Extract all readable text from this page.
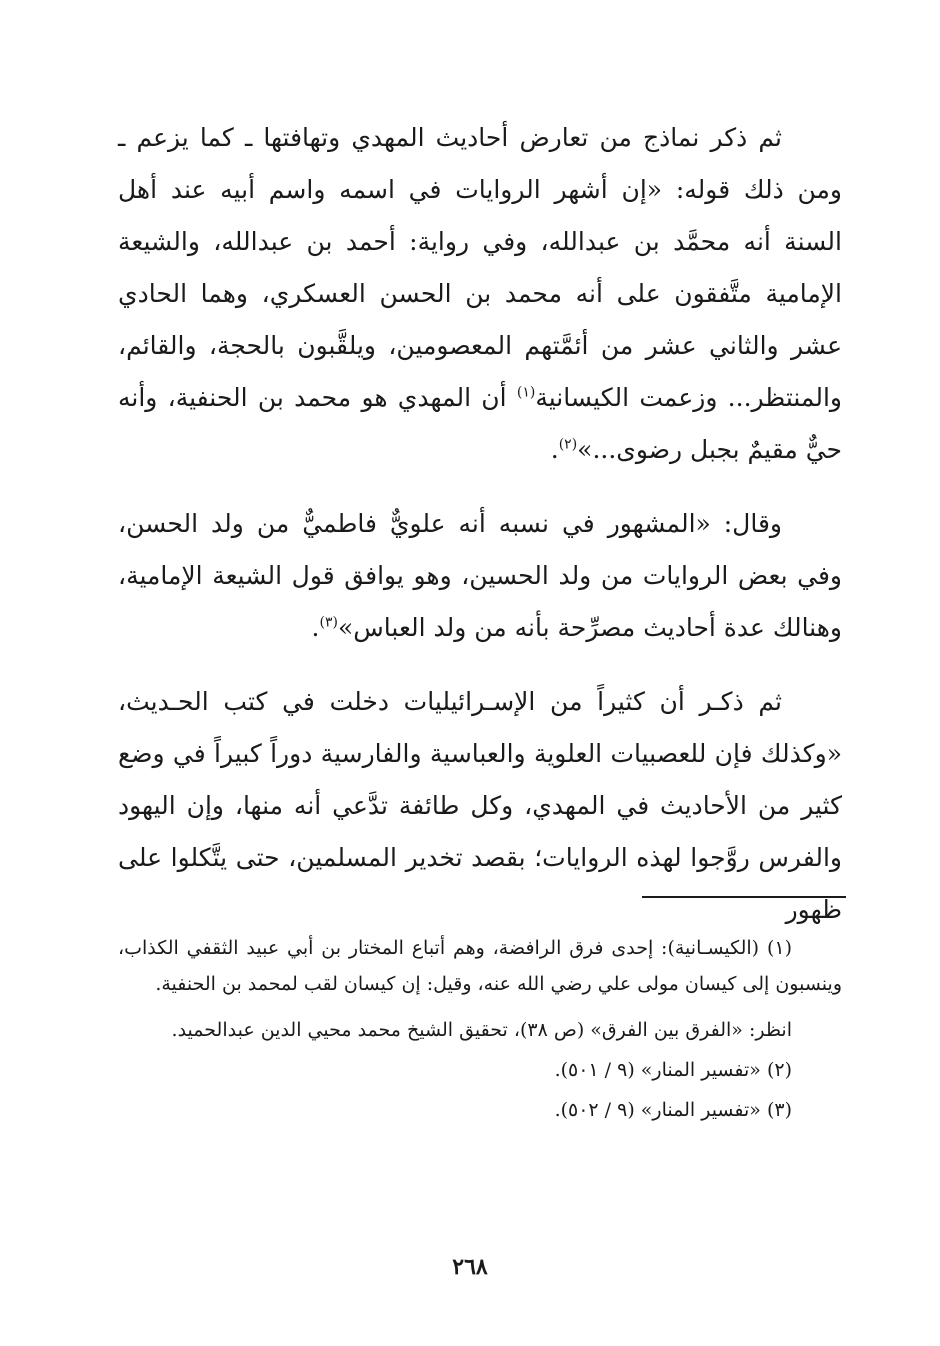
ثم ذكر نماذج من تعارض أحاديث المهدي وتهافتها ـ كما يزعم ـ ومن ذلك قوله: «إن أشهر الروايات في اسمه واسم أبيه عند أهل السنة أنه محمَّد بن عبدالله، وفي رواية: أحمد بن عبدالله، والشيعة الإمامية متَّفقون على أنه محمد بن الحسن العسكري، وهما الحادي عشر والثاني عشر من أئمَّتهم المعصومين، ويلقَّبون بالحجة، والقائم، والمنتظر... وزعمت الكيسانية$^{(١)}$ أن المهدي هو محمد بن الحنفية، وأنه حيٌّ مقيمٌ بجبل رضوى...»$^{(٢)}$.

وقال: «المشهور في نسبه أنه علويٌّ فاطميٌّ من ولد الحسن، وفي بعض الروايات من ولد الحسين، وهو يوافق قول الشيعة الإمامية، وهنالك عدة أحاديث مصرِّحة بأنه من ولد العباس»$^{(٣)}$.

ثم ذكـر أن كثيراً من الإسـرائيليات دخلت في كتب الحـديث، «وكذلك فإن للعصبيات العلوية والعباسية والفارسية دوراً كبيراً في وضع كثير من الأحاديث في المهدي، وكل طائفة تدَّعي أنه منها، وإن اليهود والفرس روَّجوا لهذه الروايات؛ بقصد تخدير المسلمين، حتى يتَّكلوا على ظهور

(١) (الكيسـانية): إحدى فرق الرافضة، وهم أتباع المختار بن أبي عبيد الثقفي الكذاب، وينسبون إلى كيسان مولى علي رضي الله عنه، وقيل: إن كيسان لقب لمحمد بن الحنفية.

انظر: «الفرق بين الفرق» (ص ٣٨)، تحقيق الشيخ محمد محيي الدين عبدالحميد.

(٢) «تفسير المنار» (٩ / ٥٠١).

(٣) «تفسير المنار» (٩ / ٥٠٢).

٢٦٨
